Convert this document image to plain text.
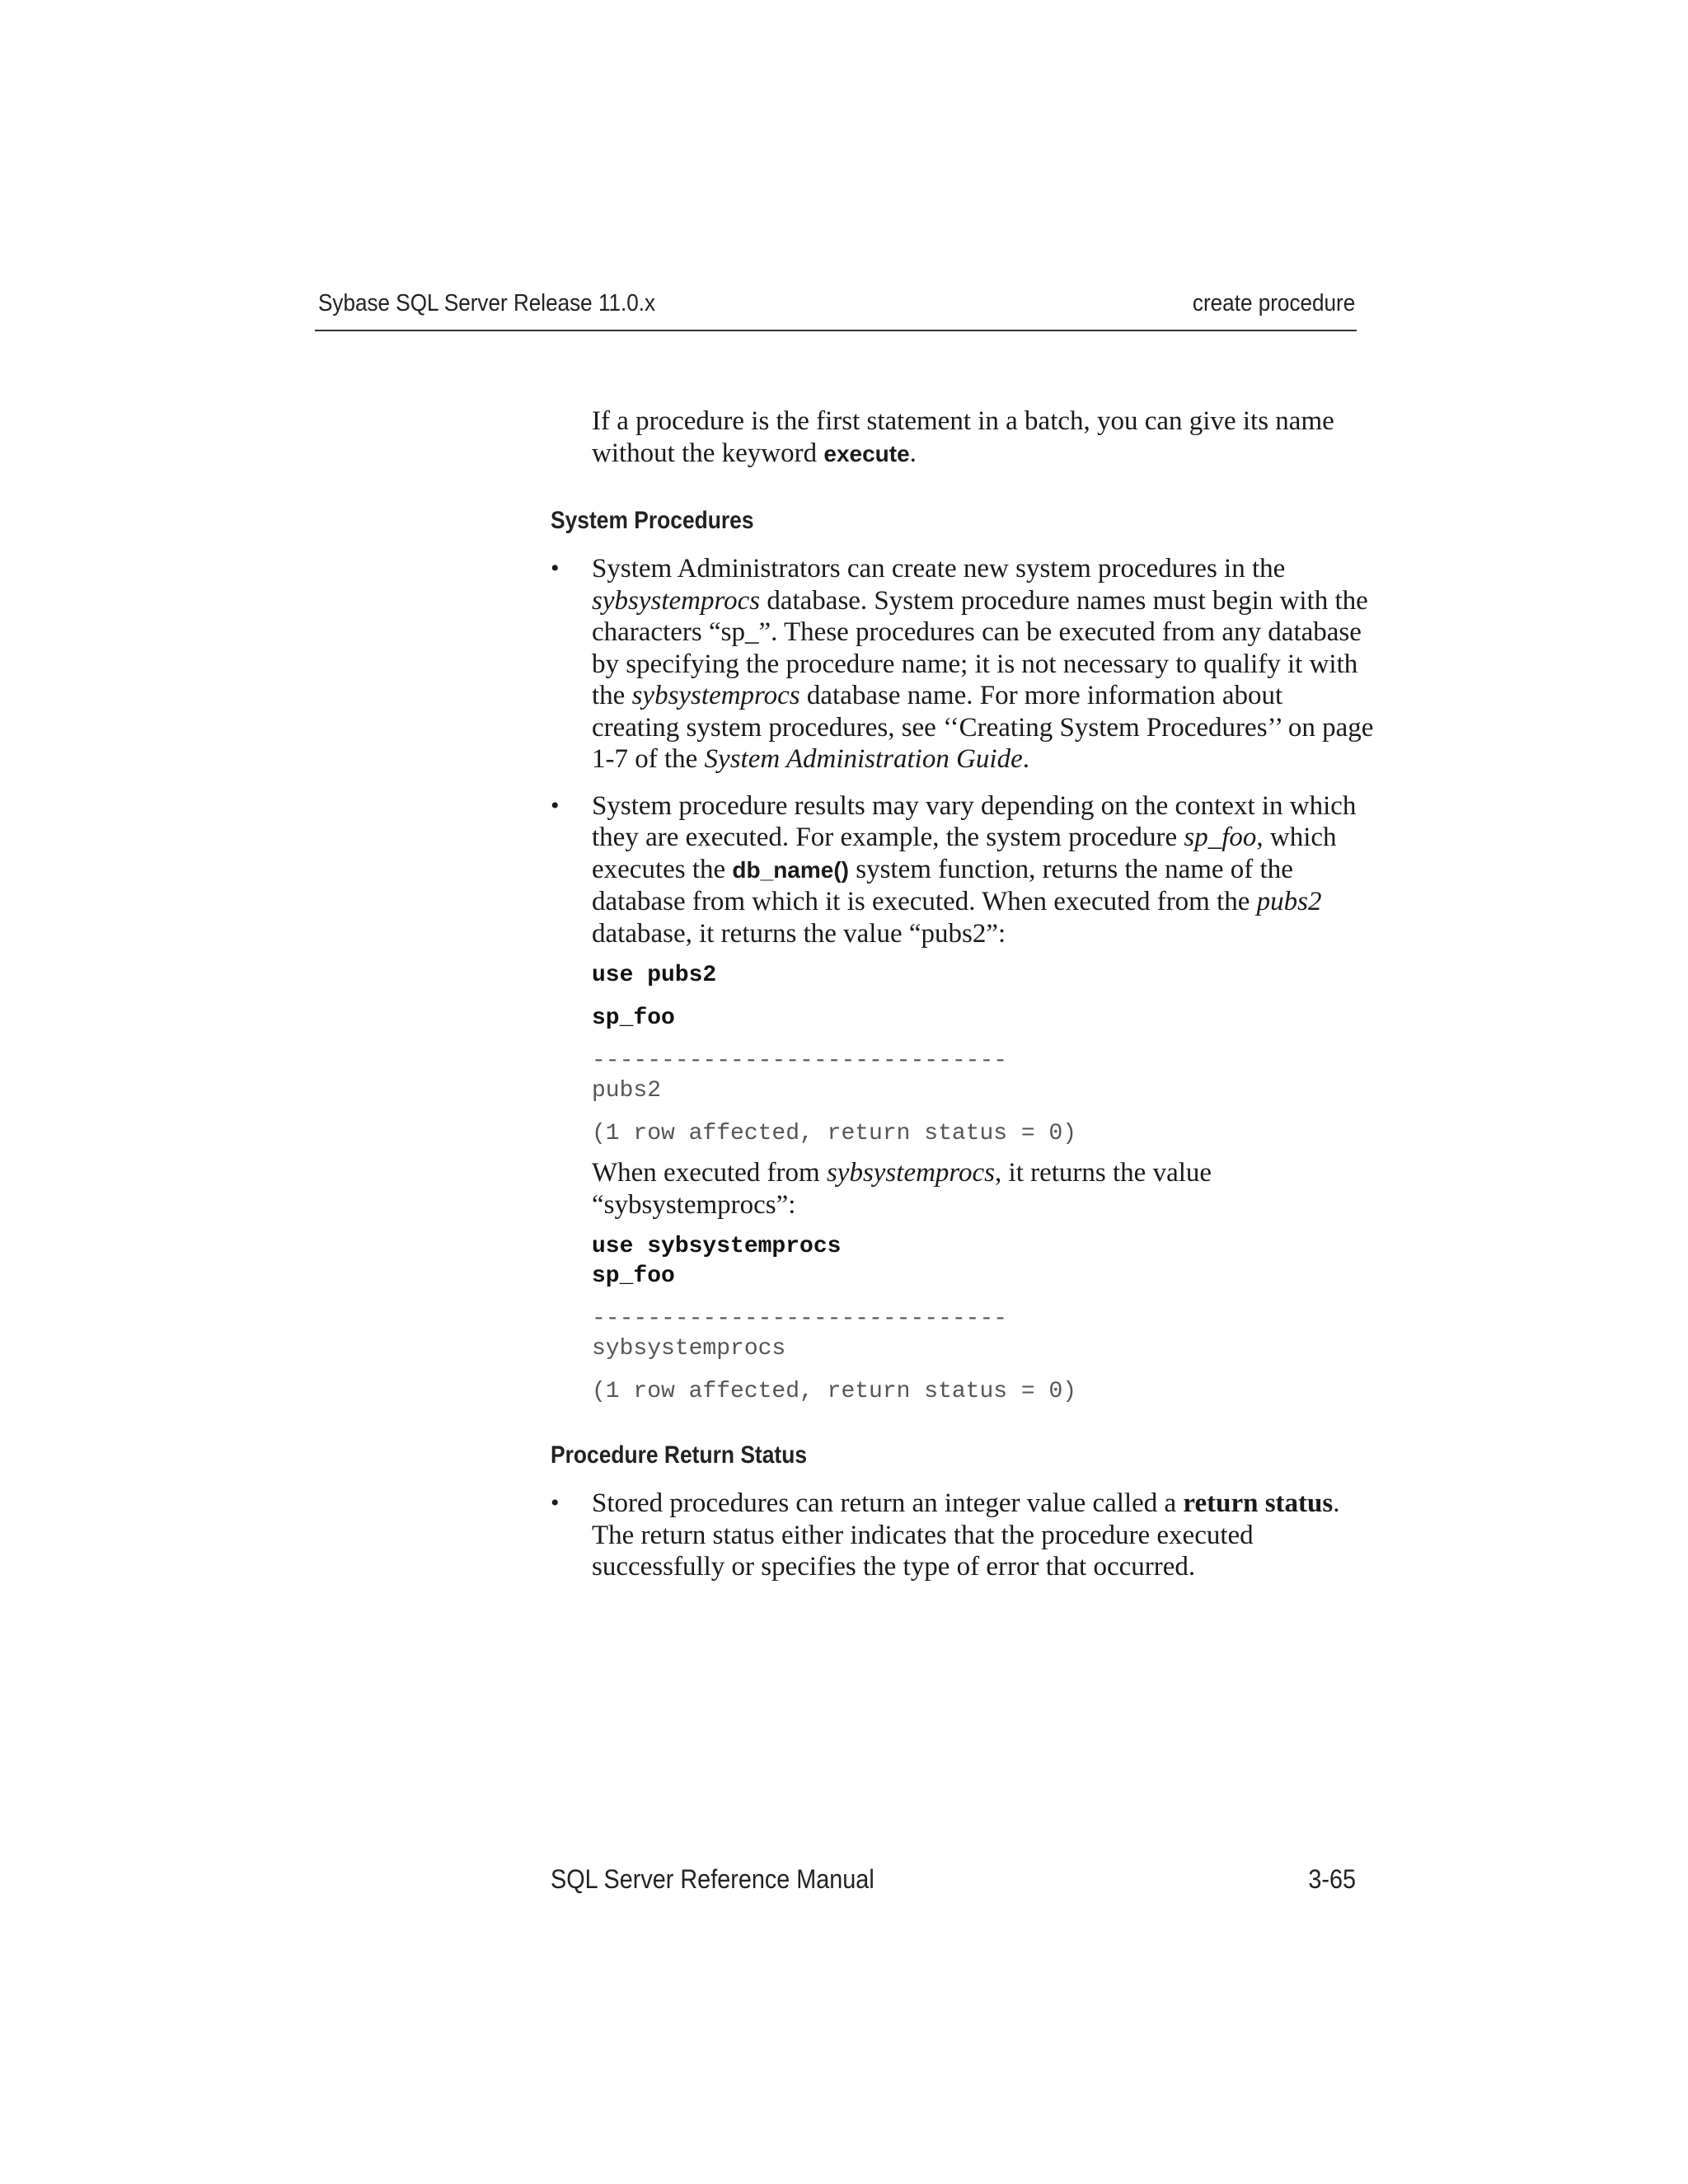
Sybase SQL Server Release 11.0.x	create procedure

If a procedure is the first statement in a batch, you can give its name without the keyword execute.

System Procedures
• System Administrators can create new system procedures in the sybsystemprocs database. System procedure names must begin with the characters “sp_”. These procedures can be executed from any database by specifying the procedure name; it is not necessary to qualify it with the sybsystemprocs database name. For more information about creating system procedures, see ‘‘Creating System Procedures’’ on page 1-7 of the System Administration Guide.

• System procedure results may vary depending on the context in which they are executed. For example, the system procedure sp_foo, which executes the db_name() system function, returns the name of the database from which it is executed. When executed from the pubs2 database, it returns the value “pubs2”:

use pubs2

sp_foo

------------------------------

pubs2

(1 row affected, return status = 0)

When executed from sybsystemprocs, it returns the value “sybsystemprocs”:

use sybsystemprocs

sp_foo

------------------------------

sybsystemprocs

(1 row affected, return status = 0)

Procedure Return Status
• Stored procedures can return an integer value called a return status. The return status either indicates that the procedure executed successfully or specifies the type of error that occurred.

SQL Server Reference Manual	3-65
